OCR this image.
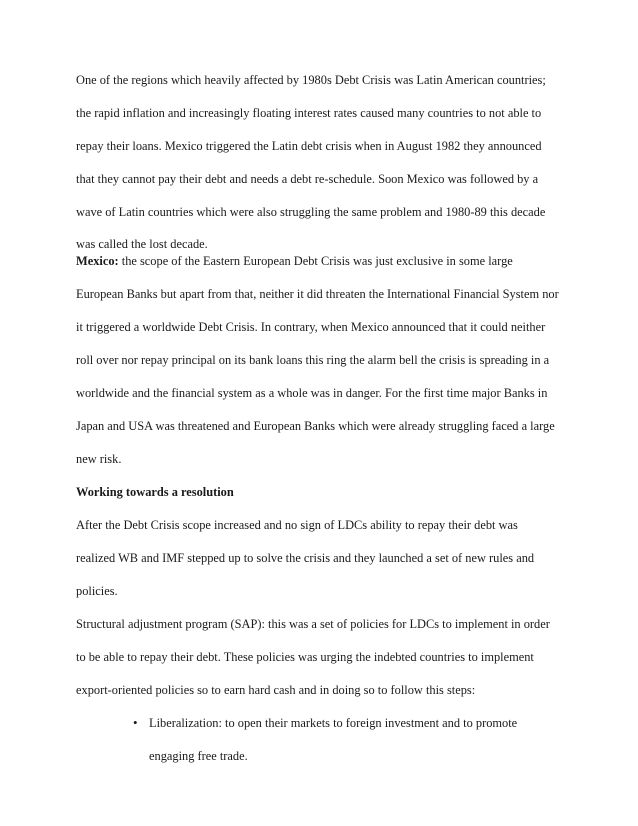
One of the regions which heavily affected by 1980s Debt Crisis was Latin American countries;
the rapid inflation and increasingly floating interest rates caused many countries to not able to
repay their loans. Mexico triggered the Latin debt crisis when in August 1982 they announced
that they cannot pay their debt and needs a debt re-schedule. Soon Mexico was followed by a
wave of Latin countries which were also struggling the same problem and 1980-89 this decade
was called the lost decade.
Mexico: the scope of the Eastern European Debt Crisis was just exclusive in some large
European Banks but apart from that, neither it did threaten the International Financial System nor
it triggered a worldwide Debt Crisis. In contrary, when Mexico announced that it could neither
roll over nor repay principal on its bank loans this ring the alarm bell the crisis is spreading in a
worldwide and the financial system as a whole was in danger. For the first time major Banks in
Japan and USA was threatened and European Banks which were already struggling faced a large
new risk.
Working towards a resolution
After the Debt Crisis scope increased and no sign of LDCs ability to repay their debt was
realized WB and IMF stepped up to solve the crisis and they launched a set of new rules and
policies.
Structural adjustment program (SAP): this was a set of policies for LDCs to implement in order
to be able to repay their debt. These policies was urging the indebted countries to implement
export-oriented policies so to earn hard cash and in doing so to follow this steps:
• Liberalization: to open their markets to foreign investment and to promote
engaging free trade.
